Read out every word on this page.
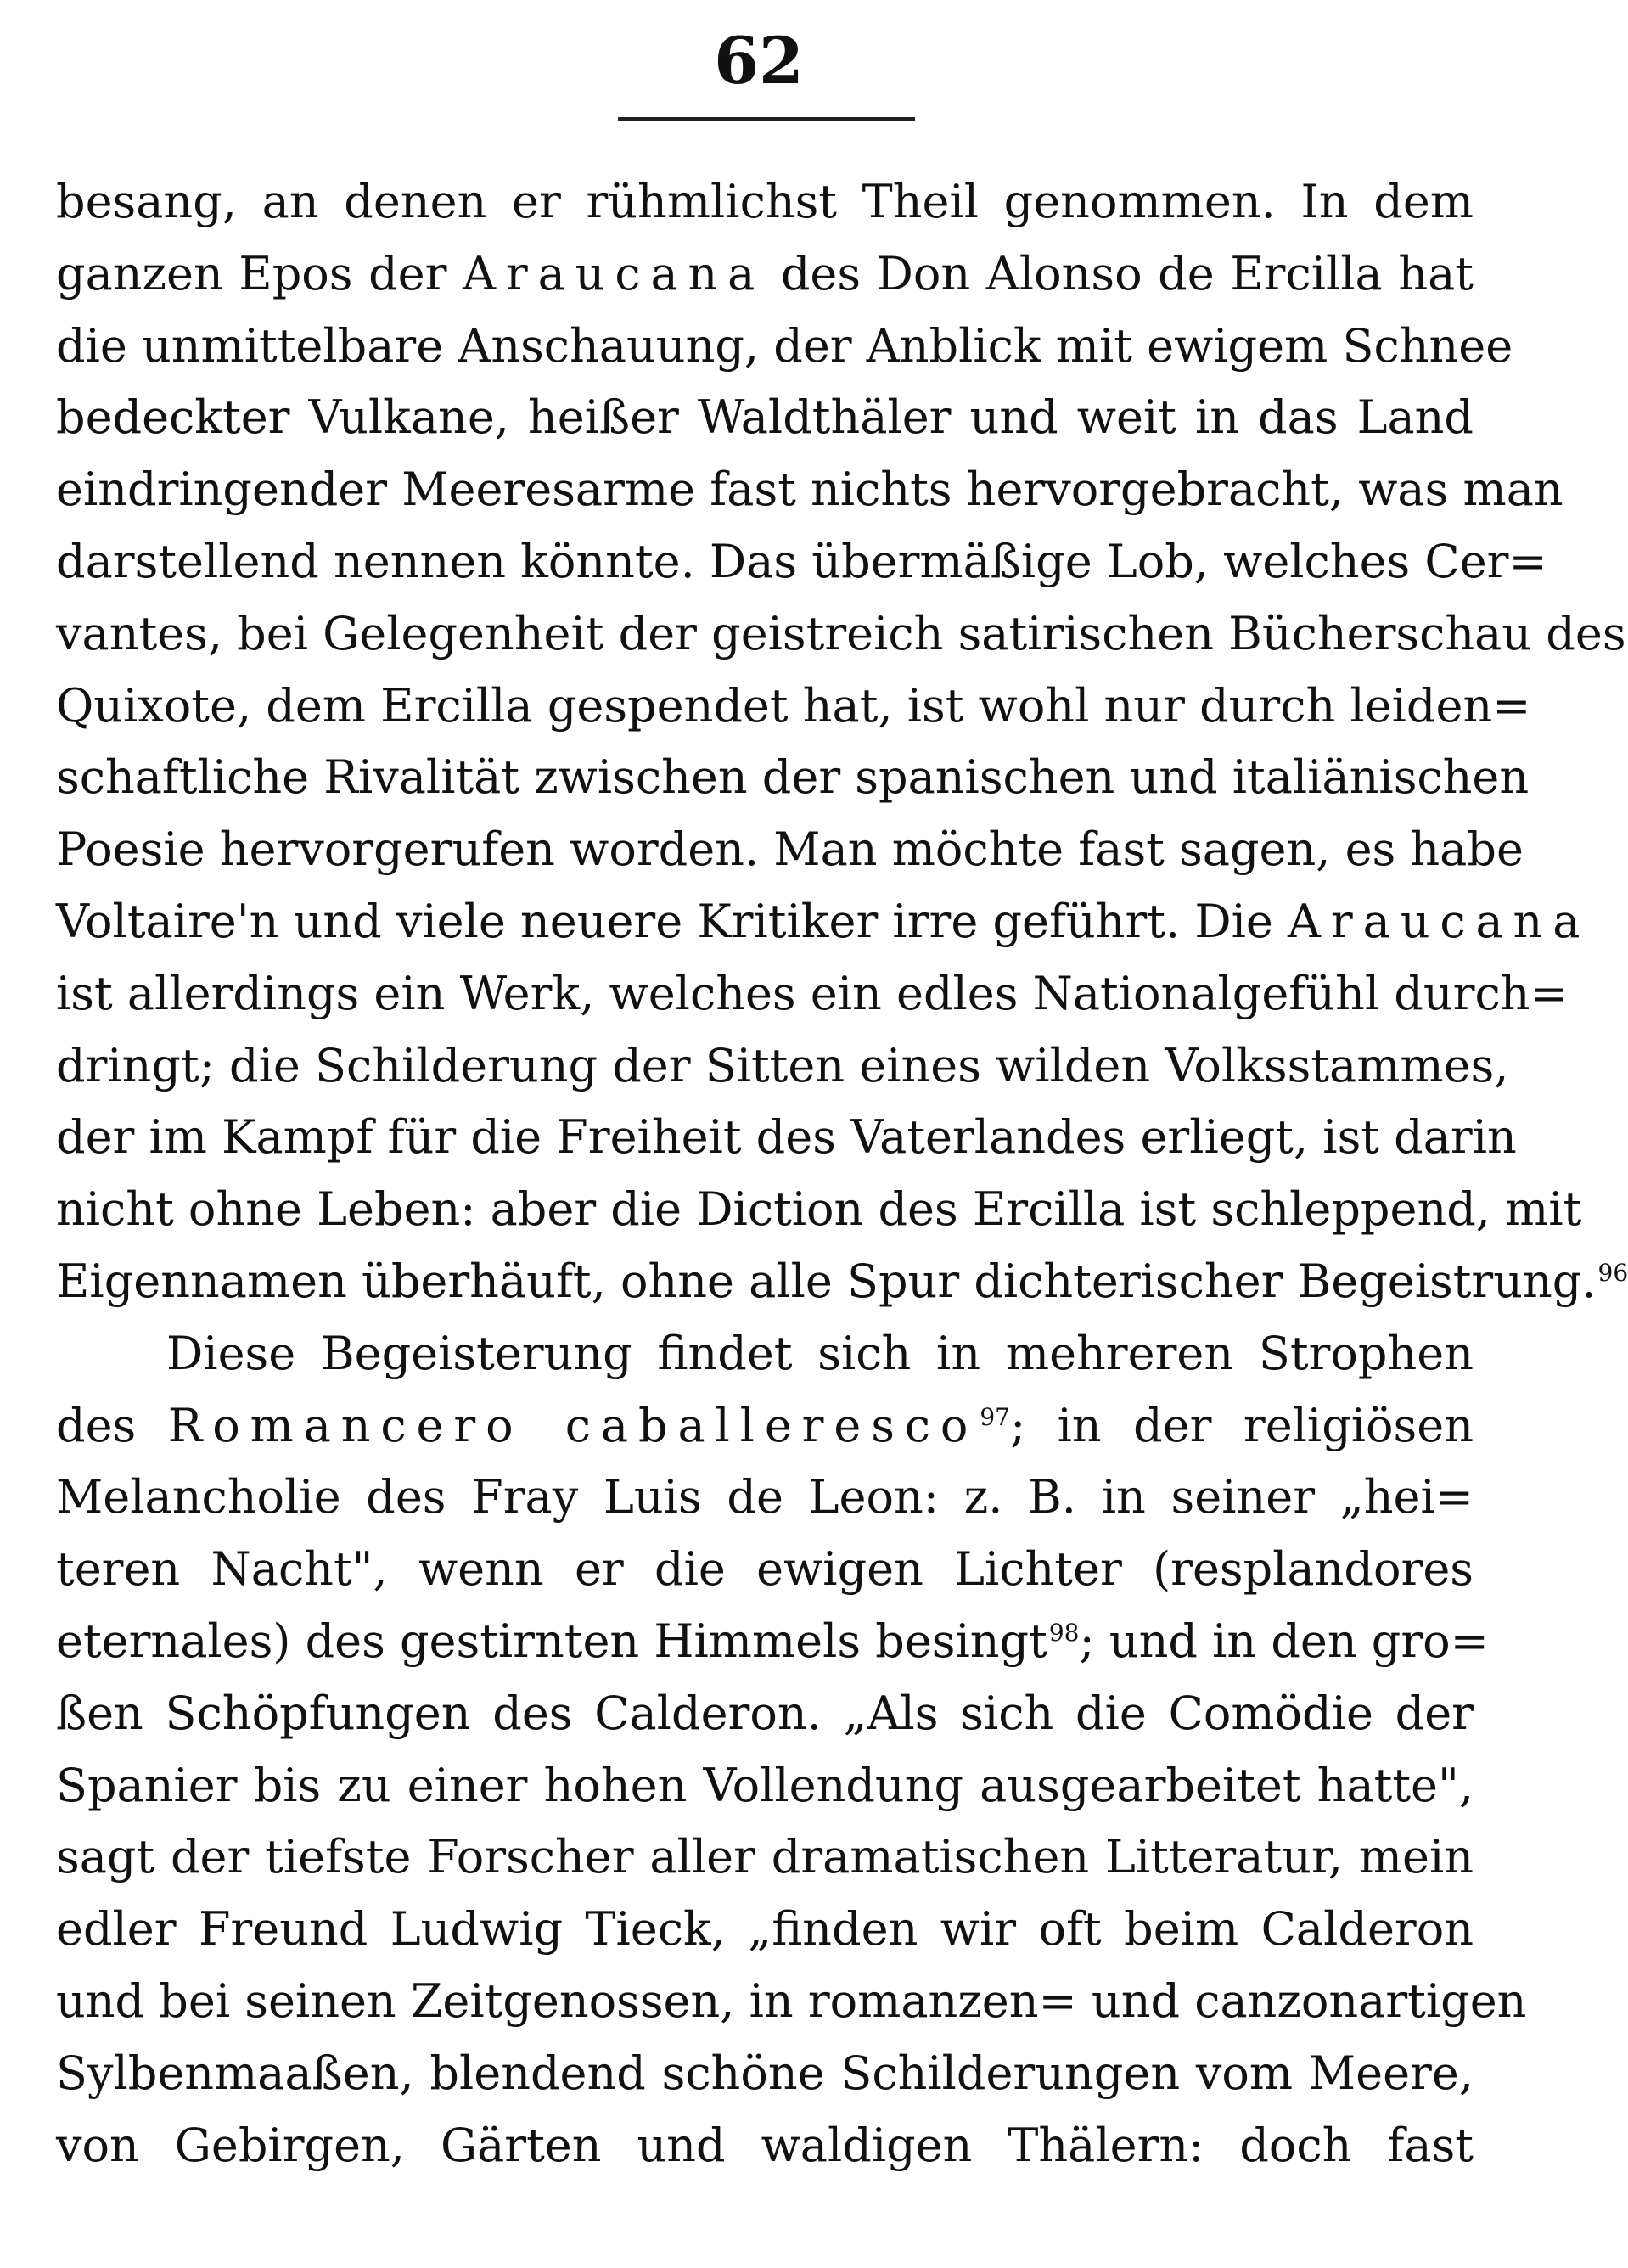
62
besang, an denen er rühmlichst Theil genommen. In dem
ganzen Epos der Araucana des Don Alonso de Ercilla hat
die unmittelbare Anschauung, der Anblick mit ewigem Schnee
bedeckter Vulkane, heißer Waldthäler und weit in das Land
eindringender Meeresarme fast nichts hervorgebracht, was man
darstellend nennen könnte. Das übermäßige Lob, welches Cer=
vantes, bei Gelegenheit der geistreich satirischen Bücherschau des
Quixote, dem Ercilla gespendet hat, ist wohl nur durch leiden=
schaftliche Rivalität zwischen der spanischen und italiänischen
Poesie hervorgerufen worden. Man möchte fast sagen, es habe
Voltaire'n und viele neuere Kritiker irre geführt. Die Araucana
ist allerdings ein Werk, welches ein edles Nationalgefühl durch=
dringt; die Schilderung der Sitten eines wilden Volksstammes,
der im Kampf für die Freiheit des Vaterlandes erliegt, ist darin
nicht ohne Leben: aber die Diction des Ercilla ist schleppend, mit
Eigennamen überhäuft, ohne alle Spur dichterischer Begeistrung.$^{96}$
Diese Begeisterung findet sich in mehreren Strophen
des Romancero caballeresco$^{97}$; in der religiösen
Melancholie des Fray Luis de Leon: z. B. in seiner „hei=
teren Nacht", wenn er die ewigen Lichter (resplandores
eternales) des gestirnten Himmels besingt$^{98}$; und in den gro=
ßen Schöpfungen des Calderon. „Als sich die Comödie der
Spanier bis zu einer hohen Vollendung ausgearbeitet hatte",
sagt der tiefste Forscher aller dramatischen Litteratur, mein
edler Freund Ludwig Tieck, „finden wir oft beim Calderon
und bei seinen Zeitgenossen, in romanzen= und canzonartigen
Sylbenmaaßen, blendend schöne Schilderungen vom Meere,
von Gebirgen, Gärten und waldigen Thälern: doch fast
